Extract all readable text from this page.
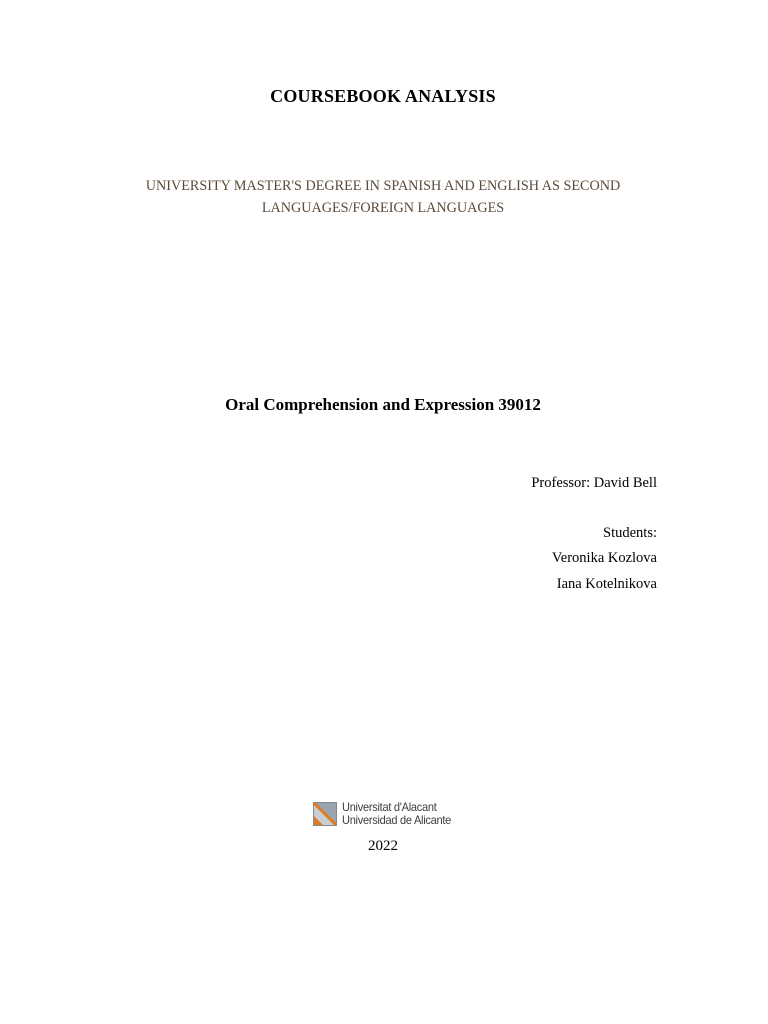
COURSEBOOK ANALYSIS
UNIVERSITY MASTER'S DEGREE IN SPANISH AND ENGLISH AS SECOND LANGUAGES/FOREIGN LANGUAGES
Oral Comprehension and Expression 39012
Professor: David Bell
Students:
Veronika Kozlova
Iana Kotelnikova
Universitat d'Alacant
Universidad de Alicante
2022
